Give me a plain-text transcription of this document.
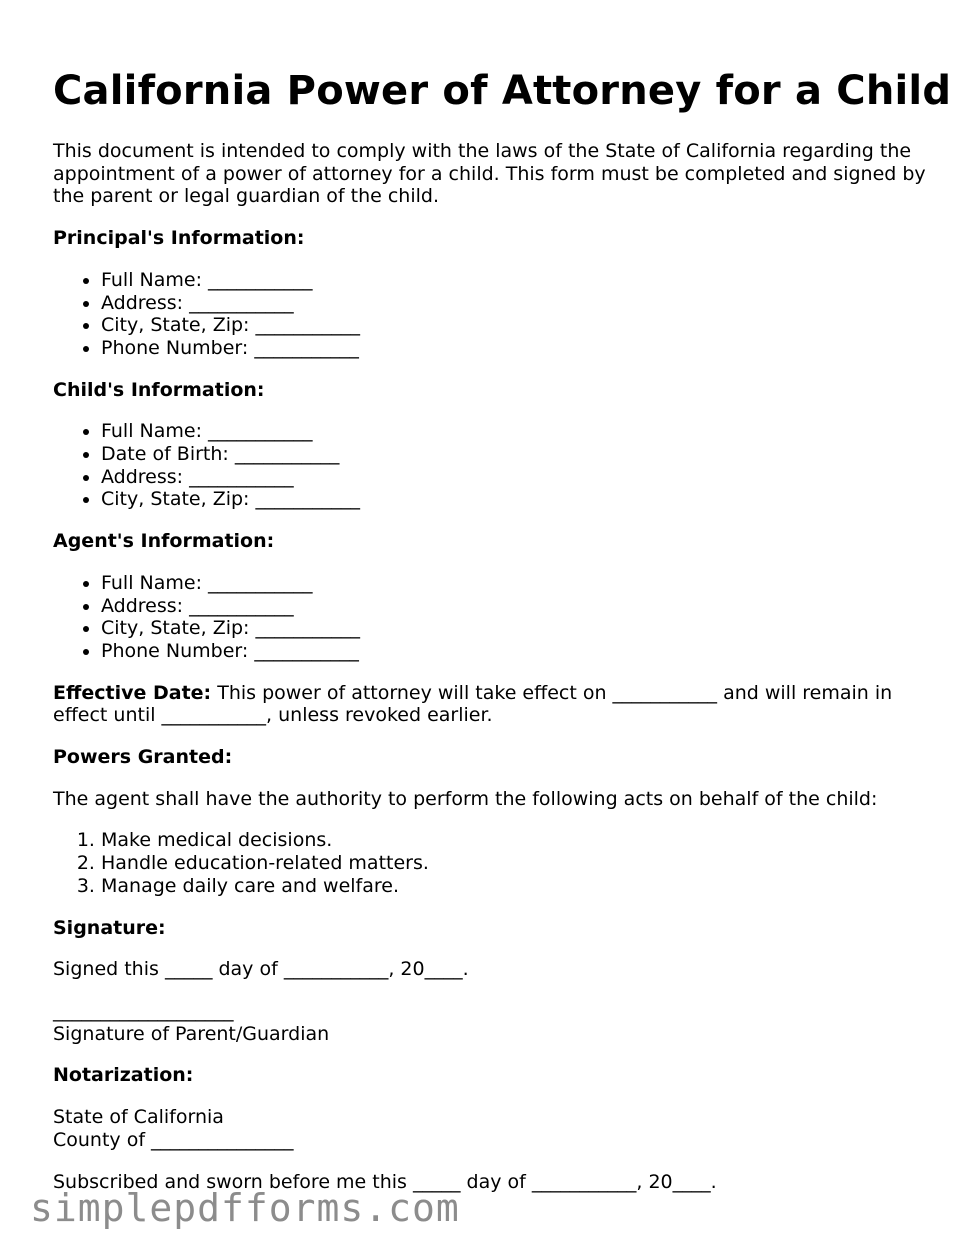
California Power of Attorney for a Child

This document is intended to comply with the laws of the State of California regarding the appointment of a power of attorney for a child. This form must be completed and signed by the parent or legal guardian of the child.

Principal's Information:
• Full Name: ___________
• Address: ___________
• City, State, Zip: ___________
• Phone Number: ___________
Child's Information:
• Full Name: ___________
• Date of Birth: ___________
• Address: ___________
• City, State, Zip: ___________
Agent's Information:
• Full Name: ___________
• Address: ___________
• City, State, Zip: ___________
• Phone Number: ___________

Effective Date: This power of attorney will take effect on ___________ and will remain in effect until ___________, unless revoked earlier.

Powers Granted:

The agent shall have the authority to perform the following acts on behalf of the child:

1. Make medical decisions.
2. Handle education-related matters.
3. Manage daily care and welfare.
Signature:

Signed this _____ day of ___________, 20____.

___________________
Signature of Parent/Guardian
Notarization:
State of California
County of _______________

Subscribed and sworn before me this _____ day of ___________, 20____.

simplepdfforms.com
